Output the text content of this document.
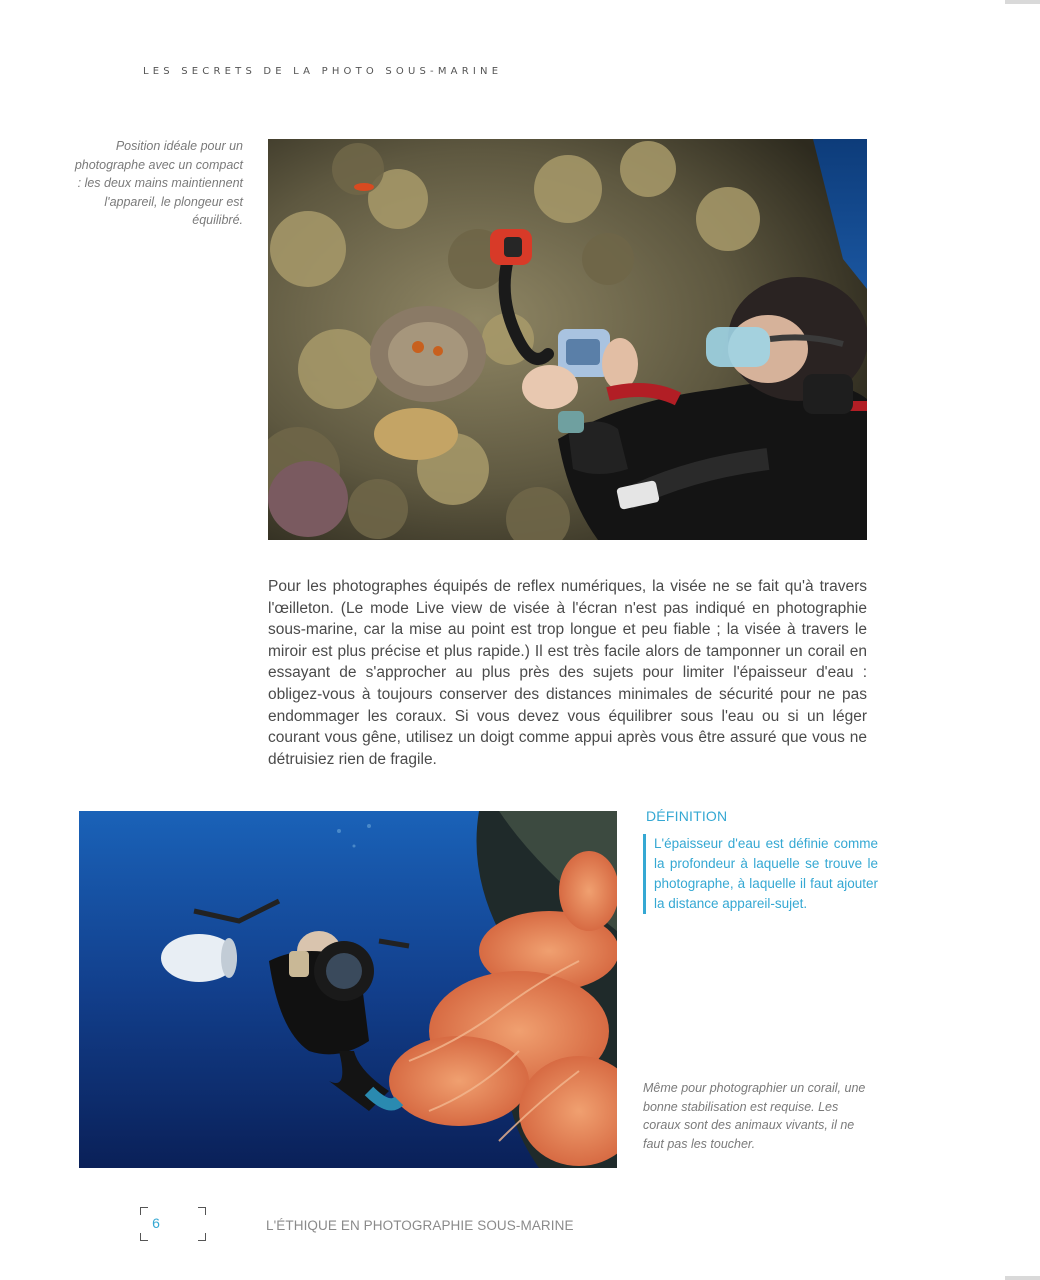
LES SECRETS DE LA PHOTO SOUS-MARINE
Position idéale pour un photographe avec un compact : les deux mains maintiennent l'appareil, le plongeur est équilibré.
Pour les photographes équipés de reflex numériques, la visée ne se fait qu'à travers l'œilleton. (Le mode Live view de visée à l'écran n'est pas indiqué en photographie sous-marine, car la mise au point est trop longue et peu fiable ; la visée à travers le miroir est plus précise et plus rapide.) Il est très facile alors de tamponner un corail en essayant de s'approcher au plus près des sujets pour limiter l'épaisseur d'eau : obligez-vous à toujours conserver des distances minimales de sécurité pour ne pas endommager les coraux. Si vous devez vous équilibrer sous l'eau ou si un léger courant vous gêne, utilisez un doigt comme appui après vous être assuré que vous ne détruisiez rien de fragile.
DÉFINITION
L'épaisseur d'eau est définie comme la profondeur à laquelle se trouve le photographe, à laquelle il faut ajouter la distance appareil-sujet.
Même pour photographier un corail, une bonne stabilisation est requise. Les coraux sont des animaux vivants, il ne faut pas les toucher.
6	L'ÉTHIQUE EN PHOTOGRAPHIE SOUS-MARINE
